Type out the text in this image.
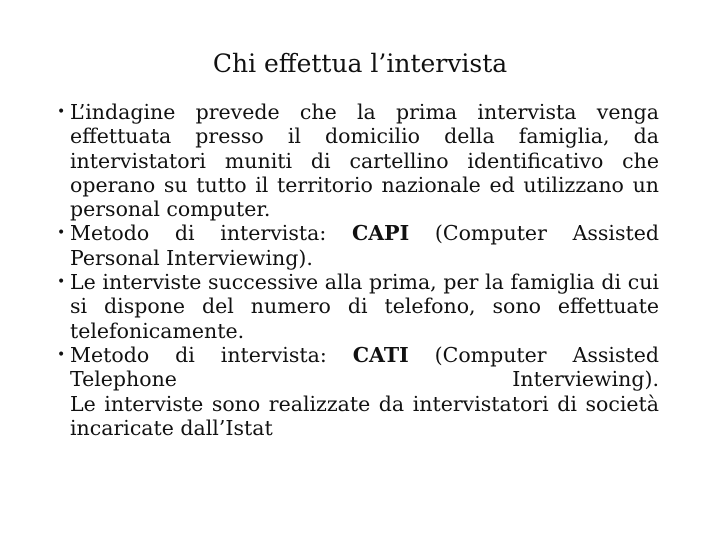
Chi effettua l’intervista
• L’indagine prevede che la prima intervista venga effettuata presso il domicilio della famiglia, da intervistatori muniti di cartellino identificativo che operano su tutto il territorio nazionale ed utilizzano un personal computer.
• Metodo di intervista: CAPI (Computer Assisted Personal Interviewing).
• Le interviste successive alla prima, per la famiglia di cui si dispone del numero di telefono, sono effettuate telefonicamente.
• Metodo di intervista: CATI (Computer Assisted Telephone Interviewing).
Le interviste sono realizzate da intervistatori di società incaricate dall’Istat
